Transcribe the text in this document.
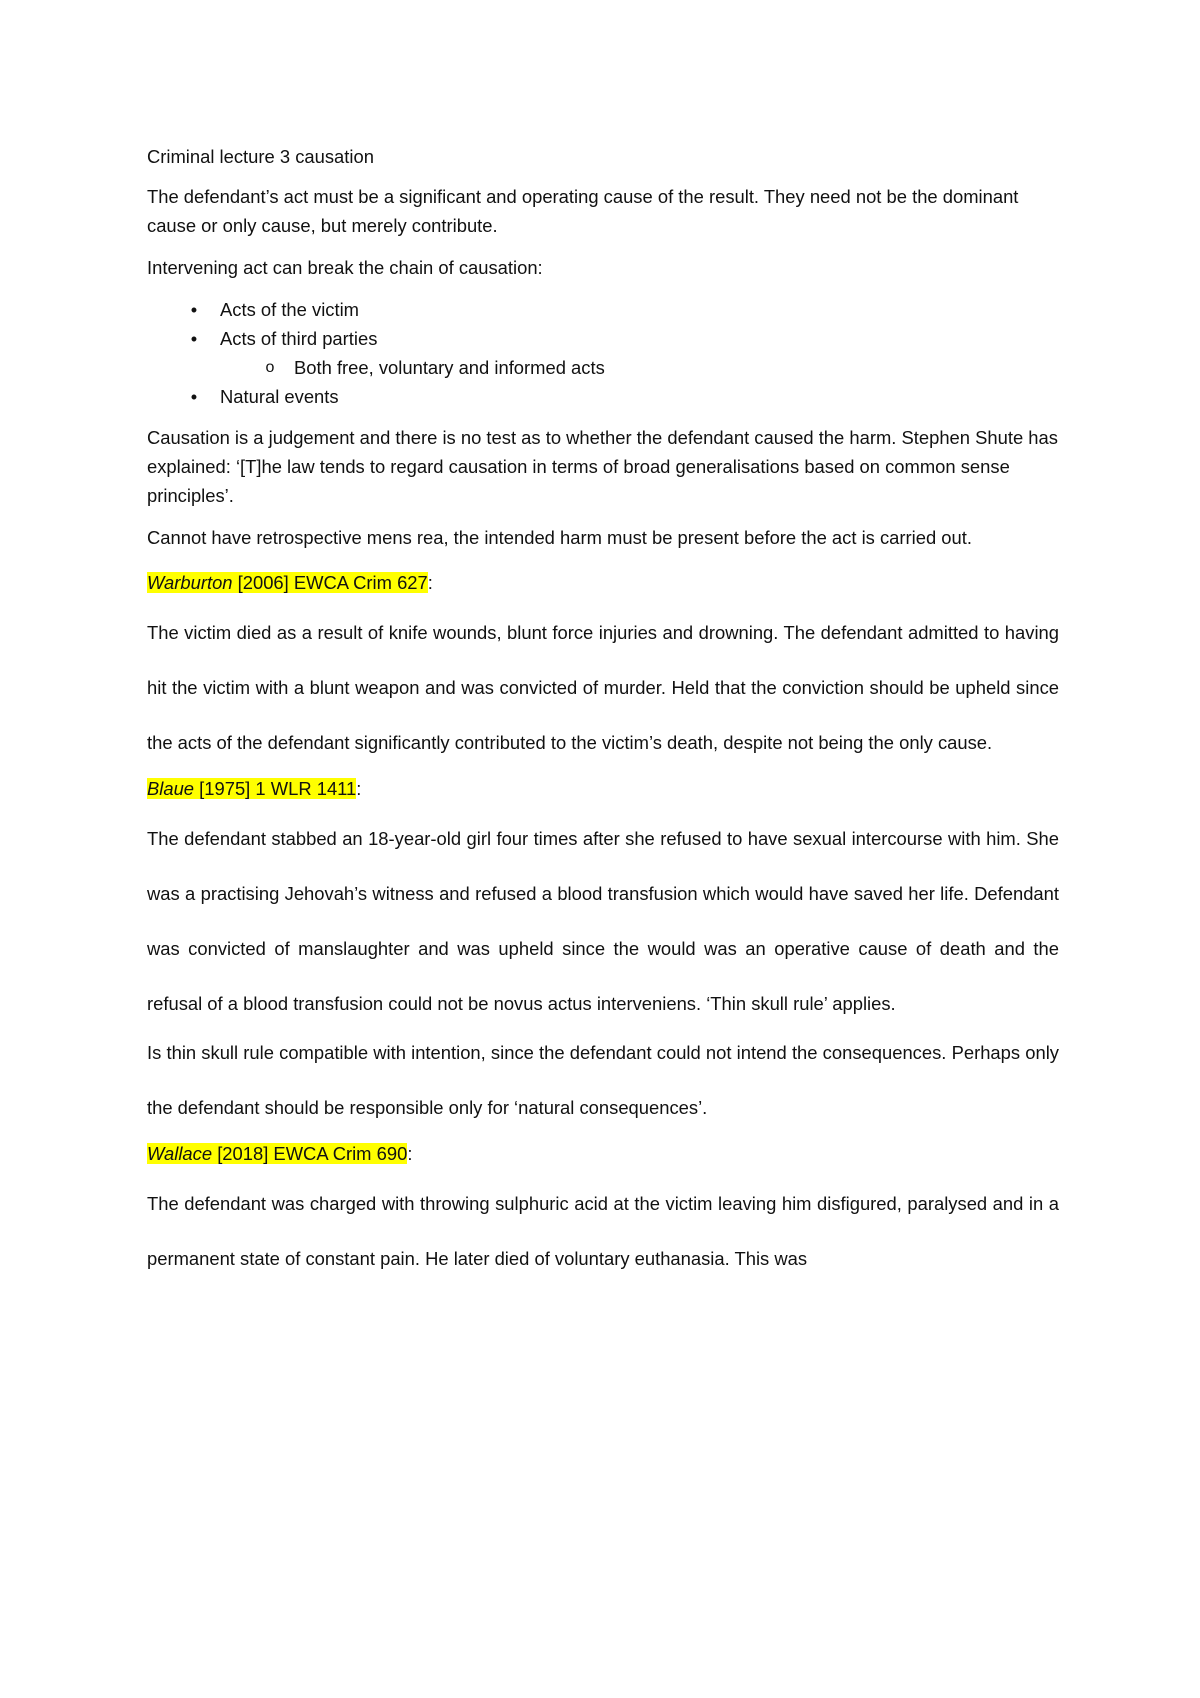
Criminal lecture 3 causation

The defendant’s act must be a significant and operating cause of the result. They need not be the dominant cause or only cause, but merely contribute.

Intervening act can break the chain of causation:

• Acts of the victim
• Acts of third parties
o Both free, voluntary and informed acts
• Natural events

Causation is a judgement and there is no test as to whether the defendant caused the harm. Stephen Shute has explained: ‘[T]he law tends to regard causation in terms of broad generalisations based on common sense principles’.

Cannot have retrospective mens rea, the intended harm must be present before the act is carried out.

Warburton [2006] EWCA Crim 627:

The victim died as a result of knife wounds, blunt force injuries and drowning. The defendant admitted to having hit the victim with a blunt weapon and was convicted of murder. Held that the conviction should be upheld since the acts of the defendant significantly contributed to the victim’s death, despite not being the only cause.

Blaue [1975] 1 WLR 1411:

The defendant stabbed an 18-year-old girl four times after she refused to have sexual intercourse with him. She was a practising Jehovah’s witness and refused a blood transfusion which would have saved her life. Defendant was convicted of manslaughter and was upheld since the would was an operative cause of death and the refusal of a blood transfusion could not be novus actus interveniens. ‘Thin skull rule’ applies.

Is thin skull rule compatible with intention, since the defendant could not intend the consequences. Perhaps only the defendant should be responsible only for ‘natural consequences’.

Wallace [2018] EWCA Crim 690:

The defendant was charged with throwing sulphuric acid at the victim leaving him disfigured, paralysed and in a permanent state of constant pain. He later died of voluntary euthanasia. This was
